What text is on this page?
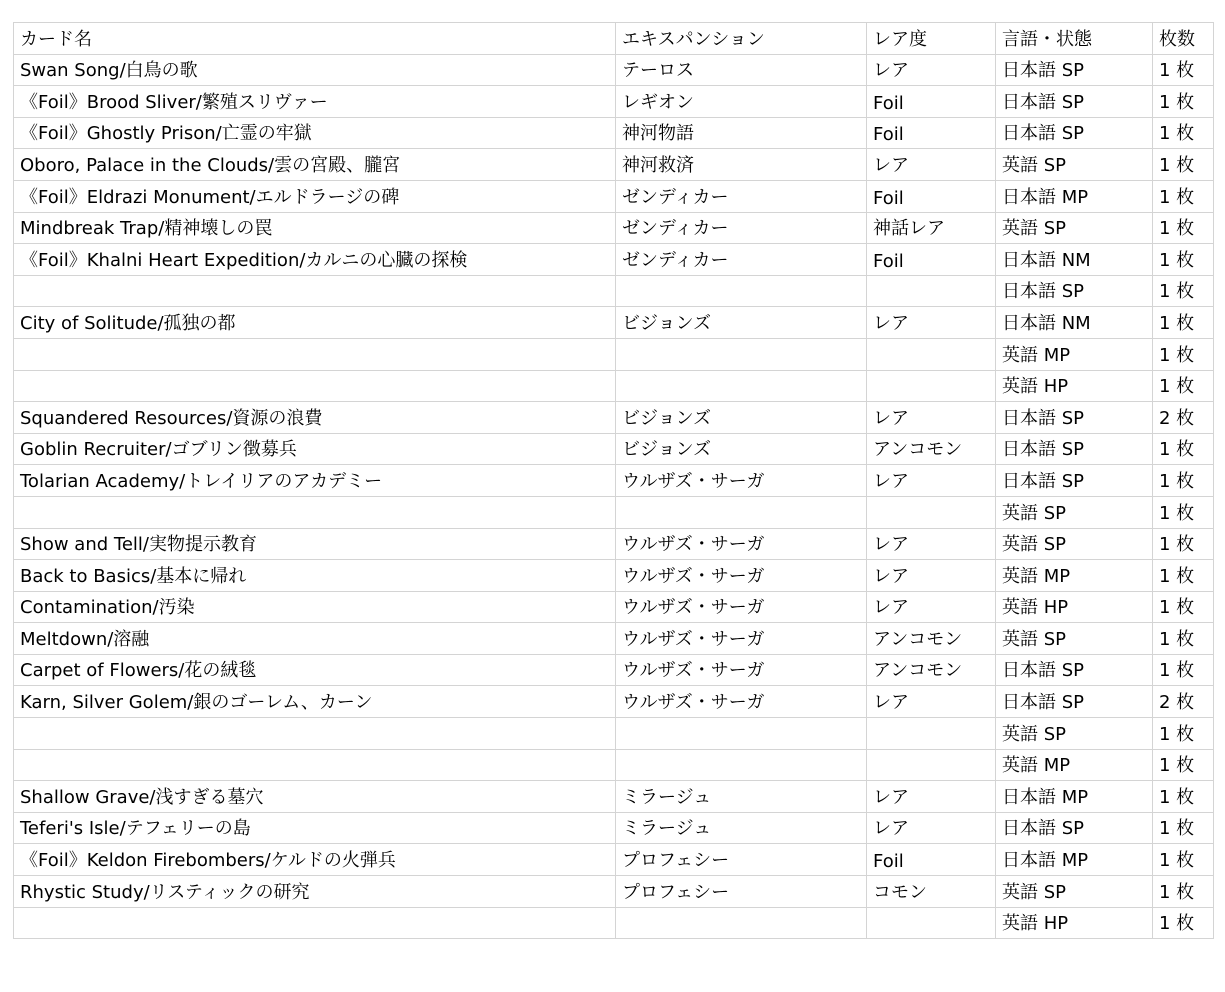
カード名	エキスパンション	レア度	言語・状態	枚数
Swan Song/白鳥の歌	テーロス	レア	日本語 SP	1 枚
《Foil》Brood Sliver/繁殖スリヴァー	レギオン	Foil	日本語 SP	1 枚
《Foil》Ghostly Prison/亡霊の牢獄	神河物語	Foil	日本語 SP	1 枚
Oboro, Palace in the Clouds/雲の宮殿、朧宮	神河救済	レア	英語 SP	1 枚
《Foil》Eldrazi Monument/エルドラージの碑	ゼンディカー	Foil	日本語 MP	1 枚
Mindbreak Trap/精神壊しの罠	ゼンディカー	神話レア	英語 SP	1 枚
《Foil》Khalni Heart Expedition/カルニの心臓の探検	ゼンディカー	Foil	日本語 NM	1 枚
			日本語 SP	1 枚
City of Solitude/孤独の都	ビジョンズ	レア	日本語 NM	1 枚
			英語 MP	1 枚
			英語 HP	1 枚
Squandered Resources/資源の浪費	ビジョンズ	レア	日本語 SP	2 枚
Goblin Recruiter/ゴブリン徴募兵	ビジョンズ	アンコモン	日本語 SP	1 枚
Tolarian Academy/トレイリアのアカデミー	ウルザズ・サーガ	レア	日本語 SP	1 枚
			英語 SP	1 枚
Show and Tell/実物提示教育	ウルザズ・サーガ	レア	英語 SP	1 枚
Back to Basics/基本に帰れ	ウルザズ・サーガ	レア	英語 MP	1 枚
Contamination/汚染	ウルザズ・サーガ	レア	英語 HP	1 枚
Meltdown/溶融	ウルザズ・サーガ	アンコモン	英語 SP	1 枚
Carpet of Flowers/花の絨毯	ウルザズ・サーガ	アンコモン	日本語 SP	1 枚
Karn, Silver Golem/銀のゴーレム、カーン	ウルザズ・サーガ	レア	日本語 SP	2 枚
			英語 SP	1 枚
			英語 MP	1 枚
Shallow Grave/浅すぎる墓穴	ミラージュ	レア	日本語 MP	1 枚
Teferi's Isle/テフェリーの島	ミラージュ	レア	日本語 SP	1 枚
《Foil》Keldon Firebombers/ケルドの火弾兵	プロフェシー	Foil	日本語 MP	1 枚
Rhystic Study/リスティックの研究	プロフェシー	コモン	英語 SP	1 枚
			英語 HP	1 枚
